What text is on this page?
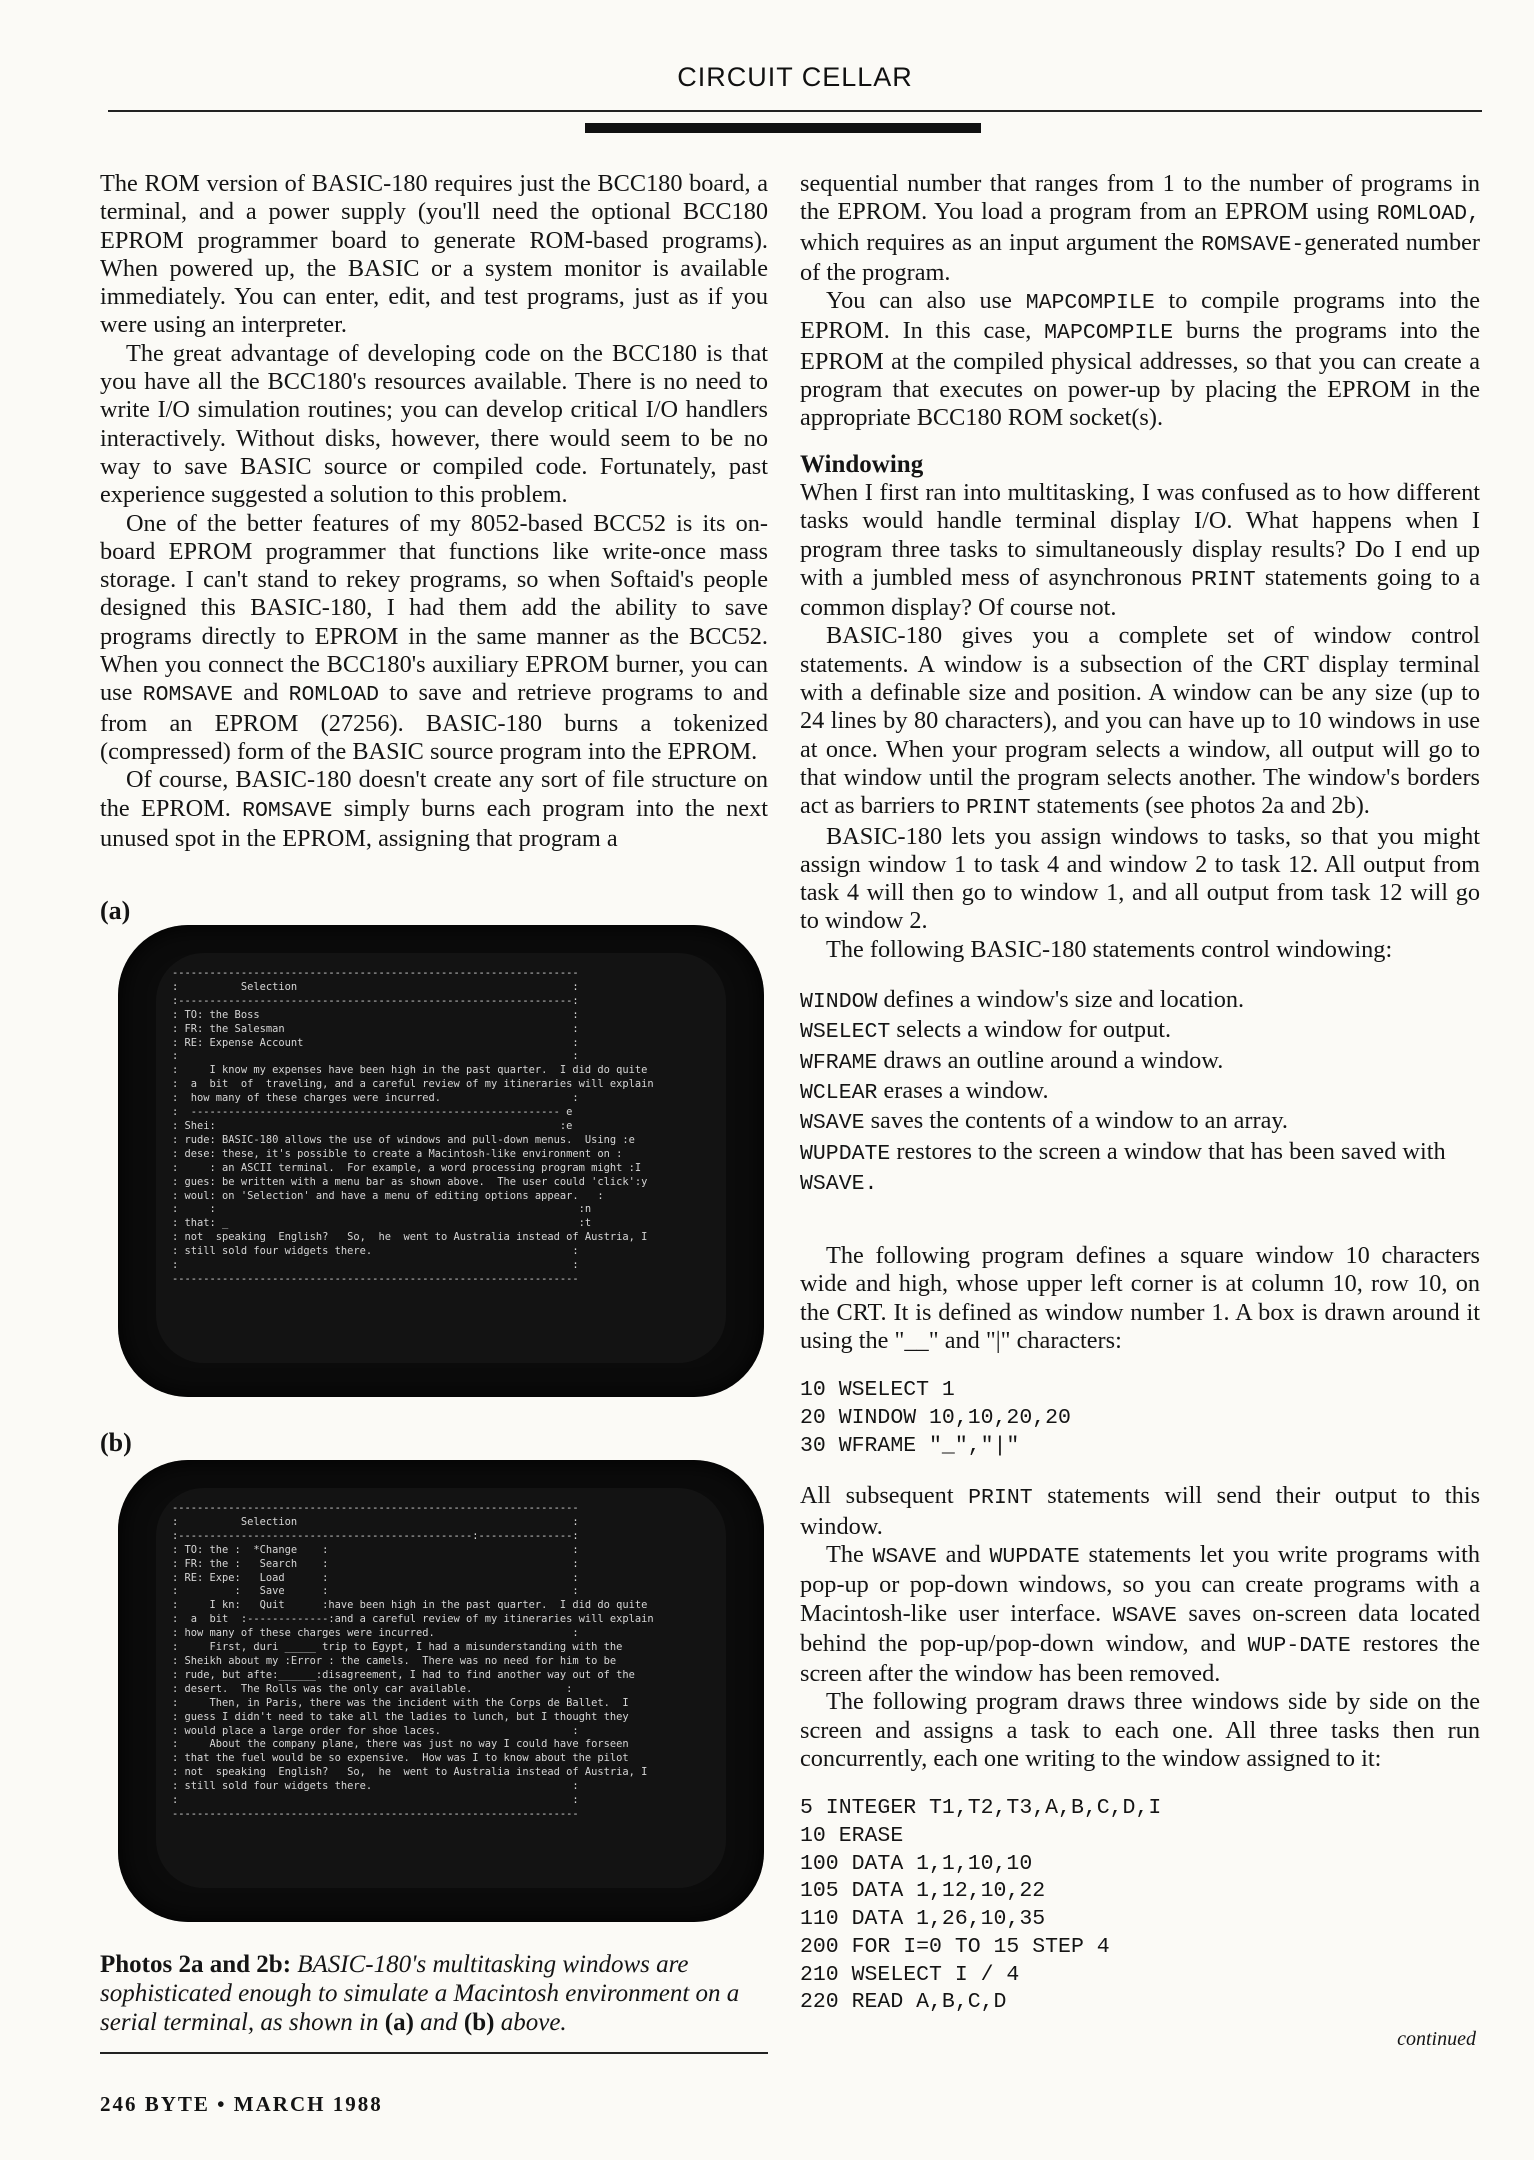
CIRCUIT CELLAR

The ROM version of BASIC-180 requires just the BCC180 board, a terminal, and a power supply (you'll need the optional BCC180 EPROM programmer board to generate ROM-based programs). When powered up, the BASIC or a system monitor is available immediately. You can enter, edit, and test programs, just as if you were using an interpreter.

The great advantage of developing code on the BCC180 is that you have all the BCC180's resources available. There is no need to write I/O simulation routines; you can develop critical I/O handlers interactively. Without disks, however, there would seem to be no way to save BASIC source or compiled code. Fortunately, past experience suggested a solution to this problem.

One of the better features of my 8052-based BCC52 is its on-board EPROM programmer that functions like write-once mass storage. I can't stand to rekey programs, so when Softaid's people designed this BASIC-180, I had them add the ability to save programs directly to EPROM in the same manner as the BCC52. When you connect the BCC180's auxiliary EPROM burner, you can use ROMSAVE and ROMLOAD to save and retrieve programs to and from an EPROM (27256). BASIC-180 burns a tokenized (compressed) form of the BASIC source program into the EPROM.

Of course, BASIC-180 doesn't create any sort of file structure on the EPROM. ROMSAVE simply burns each program into the next unused spot in the EPROM, assigning that program a

(a)
-----------------------------------------------------------------
:          Selection                                            :
:---------------------------------------------------------------:
: TO: the Boss                                                  :
: FR: the Salesman                                              :
: RE: Expense Account                                           :
:                                                               :
:     I know my expenses have been high in the past quarter.  I did do quite
:  a  bit  of  traveling, and a careful review of my itineraries will explain
:  how many of these charges were incurred.                     :
:  ----------------------------------------------------------- e
: Shei:                                                       :e
: rude: BASIC-180 allows the use of windows and pull-down menus.  Using :e
: dese: these, it's possible to create a Macintosh-like environment on :
:     : an ASCII terminal.  For example, a word processing program might :I
: gues: be written with a menu bar as shown above.  The user could 'click':y
: woul: on 'Selection' and have a menu of editing options appear.   :
:     :                                                          :n
: that: _                                                        :t
: not  speaking  English?   So,  he  went to Australia instead of Austria, I
: still sold four widgets there.                                :
:                                                               :
-----------------------------------------------------------------
(b)
-----------------------------------------------------------------
:          Selection                                            :
:-----------------------------------------------:---------------:
: TO: the :  *Change    :                                       :
: FR: the :   Search    :                                       :
: RE: Expe:   Load      :                                       :
:         :   Save      :                                       :
:     I kn:   Quit      :have been high in the past quarter.  I did do quite
:  a  bit  :-------------:and a careful review of my itineraries will explain
: how many of these charges were incurred.                      :
:     First, duri _____ trip to Egypt, I had a misunderstanding with the
: Sheikh about my :Error : the camels.  There was no need for him to be
: rude, but afte:______:disagreement, I had to find another way out of the
: desert.  The Rolls was the only car available.               :
:     Then, in Paris, there was the incident with the Corps de Ballet.  I
: guess I didn't need to take all the ladies to lunch, but I thought they
: would place a large order for shoe laces.                     :
:     About the company plane, there was just no way I could have forseen
: that the fuel would be so expensive.  How was I to know about the pilot
: not  speaking  English?   So,  he  went to Australia instead of Austria, I
: still sold four widgets there.                                :
:                                                               :
-----------------------------------------------------------------
Photos 2a and 2b: BASIC-180's multitasking windows are sophisticated enough to simulate a Macintosh environment on a serial terminal, as shown in (a) and (b) above.
246 BYTE • MARCH 1988

sequential number that ranges from 1 to the number of programs in the EPROM. You load a program from an EPROM using ROMLOAD, which requires as an input argument the ROMSAVE-generated number of the program.

You can also use MAPCOMPILE to compile programs into the EPROM. In this case, MAPCOMPILE burns the programs into the EPROM at the compiled physical addresses, so that you can create a program that executes on power-up by placing the EPROM in the appropriate BCC180 ROM socket(s).

Windowing

When I first ran into multitasking, I was confused as to how different tasks would handle terminal display I/O. What happens when I program three tasks to simultaneously display results? Do I end up with a jumbled mess of asynchronous PRINT statements going to a common display? Of course not.

BASIC-180 gives you a complete set of window control statements. A window is a subsection of the CRT display terminal with a definable size and position. A window can be any size (up to 24 lines by 80 characters), and you can have up to 10 windows in use at once. When your program selects a window, all output will go to that window until the program selects another. The window's borders act as barriers to PRINT statements (see photos 2a and 2b).

BASIC-180 lets you assign windows to tasks, so that you might assign window 1 to task 4 and window 2 to task 12. All output from task 4 will then go to window 1, and all output from task 12 will go to window 2.

The following BASIC-180 statements control windowing:

WINDOW defines a window's size and location.
WSELECT selects a window for output.
WFRAME draws an outline around a window.
WCLEAR erases a window.
WSAVE saves the contents of a window to an array.
WUPDATE restores to the screen a window that has been saved with WSAVE.

The following program defines a square window 10 characters wide and high, whose upper left corner is at column 10, row 10, on the CRT. It is defined as window number 1. A box is drawn around it using the "__" and "|" characters:

10 WSELECT 1
20 WINDOW 10,10,20,20
30 WFRAME "_","|"

All subsequent PRINT statements will send their output to this window.

The WSAVE and WUPDATE statements let you write programs with pop-up or pop-down windows, so you can create programs with a Macintosh-like user interface. WSAVE saves on-screen data located behind the pop-up/pop-down window, and WUP-DATE restores the screen after the window has been removed.

The following program draws three windows side by side on the screen and assigns a task to each one. All three tasks then run concurrently, each one writing to the window assigned to it:

5 INTEGER T1,T2,T3,A,B,C,D,I
10 ERASE
100 DATA 1,1,10,10
105 DATA 1,12,10,22
110 DATA 1,26,10,35
200 FOR I=0 TO 15 STEP 4
210 WSELECT I / 4
220 READ A,B,C,D
continued
